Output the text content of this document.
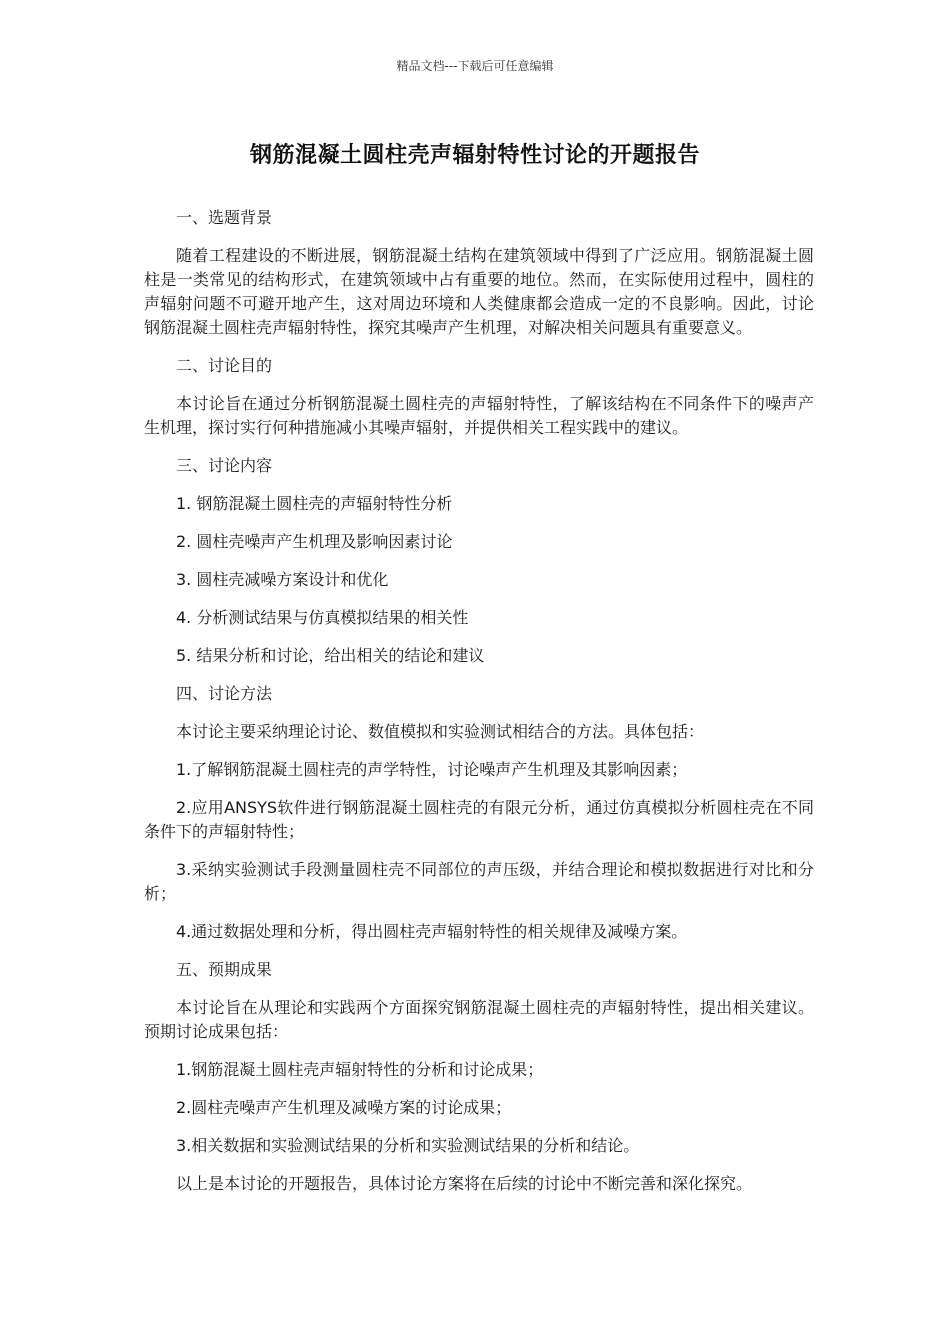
精品文档---下载后可任意编辑
钢筋混凝土圆柱壳声辐射特性讨论的开题报告

一、选题背景

随着工程建设的不断进展，钢筋混凝土结构在建筑领域中得到了广泛应用。钢筋混凝土圆柱是一类常见的结构形式，在建筑领域中占有重要的地位。然而，在实际使用过程中，圆柱的声辐射问题不可避开地产生，这对周边环境和人类健康都会造成一定的不良影响。因此，讨论钢筋混凝土圆柱壳声辐射特性，探究其噪声产生机理，对解决相关问题具有重要意义。

二、讨论目的

本讨论旨在通过分析钢筋混凝土圆柱壳的声辐射特性，了解该结构在不同条件下的噪声产生机理，探讨实行何种措施减小其噪声辐射，并提供相关工程实践中的建议。

三、讨论内容

1. 钢筋混凝土圆柱壳的声辐射特性分析

2. 圆柱壳噪声产生机理及影响因素讨论

3. 圆柱壳减噪方案设计和优化

4. 分析测试结果与仿真模拟结果的相关性

5. 结果分析和讨论，给出相关的结论和建议

四、讨论方法

本讨论主要采纳理论讨论、数值模拟和实验测试相结合的方法。具体包括：

1.了解钢筋混凝土圆柱壳的声学特性，讨论噪声产生机理及其影响因素；

2.应用ANSYS软件进行钢筋混凝土圆柱壳的有限元分析，通过仿真模拟分析圆柱壳在不同条件下的声辐射特性；

3.采纳实验测试手段测量圆柱壳不同部位的声压级，并结合理论和模拟数据进行对比和分析；

4.通过数据处理和分析，得出圆柱壳声辐射特性的相关规律及减噪方案。

五、预期成果

本讨论旨在从理论和实践两个方面探究钢筋混凝土圆柱壳的声辐射特性，提出相关建议。预期讨论成果包括：

1.钢筋混凝土圆柱壳声辐射特性的分析和讨论成果；

2.圆柱壳噪声产生机理及减噪方案的讨论成果；

3.相关数据和实验测试结果的分析和实验测试结果的分析和结论。

以上是本讨论的开题报告，具体讨论方案将在后续的讨论中不断完善和深化探究。
